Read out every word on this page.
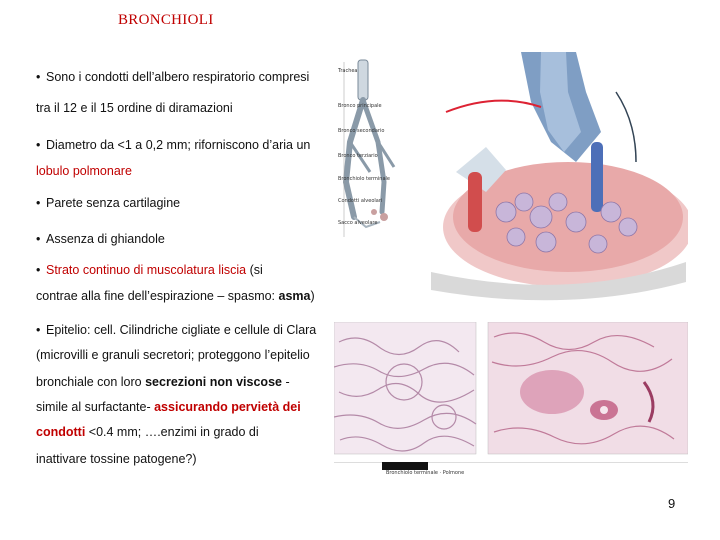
BRONCHIOLI
• Sono i condotti dell’albero respiratorio compresi
tra il 12 e il 15 ordine di diramazioni
• Diametro da <1 a 0,2 mm; riforniscono d’aria un
lobulo polmonare
• Parete senza cartilagine
• Assenza di ghiandole
• Strato continuo di muscolatura liscia (si
contrae alla fine dell’espirazione – spasmo: asma)
• Epitelio: cell. Cilindriche cigliate e cellule di Clara
(microvilli e granuli secretori; proteggono l’epitelio
bronchiale con loro secrezioni non viscose -
simile al surfactante- assicurando pervietà dei
condotti <0.4 mm; ….enzimi in grado di
inattivare tossine patogene?)
Trachea
Bronco principale
Bronco secondario
Bronco terziario
Bronchiolo terminale
Condotti alveolari
Sacco alveolare
Bronchiolo terminale · Polmone
9
